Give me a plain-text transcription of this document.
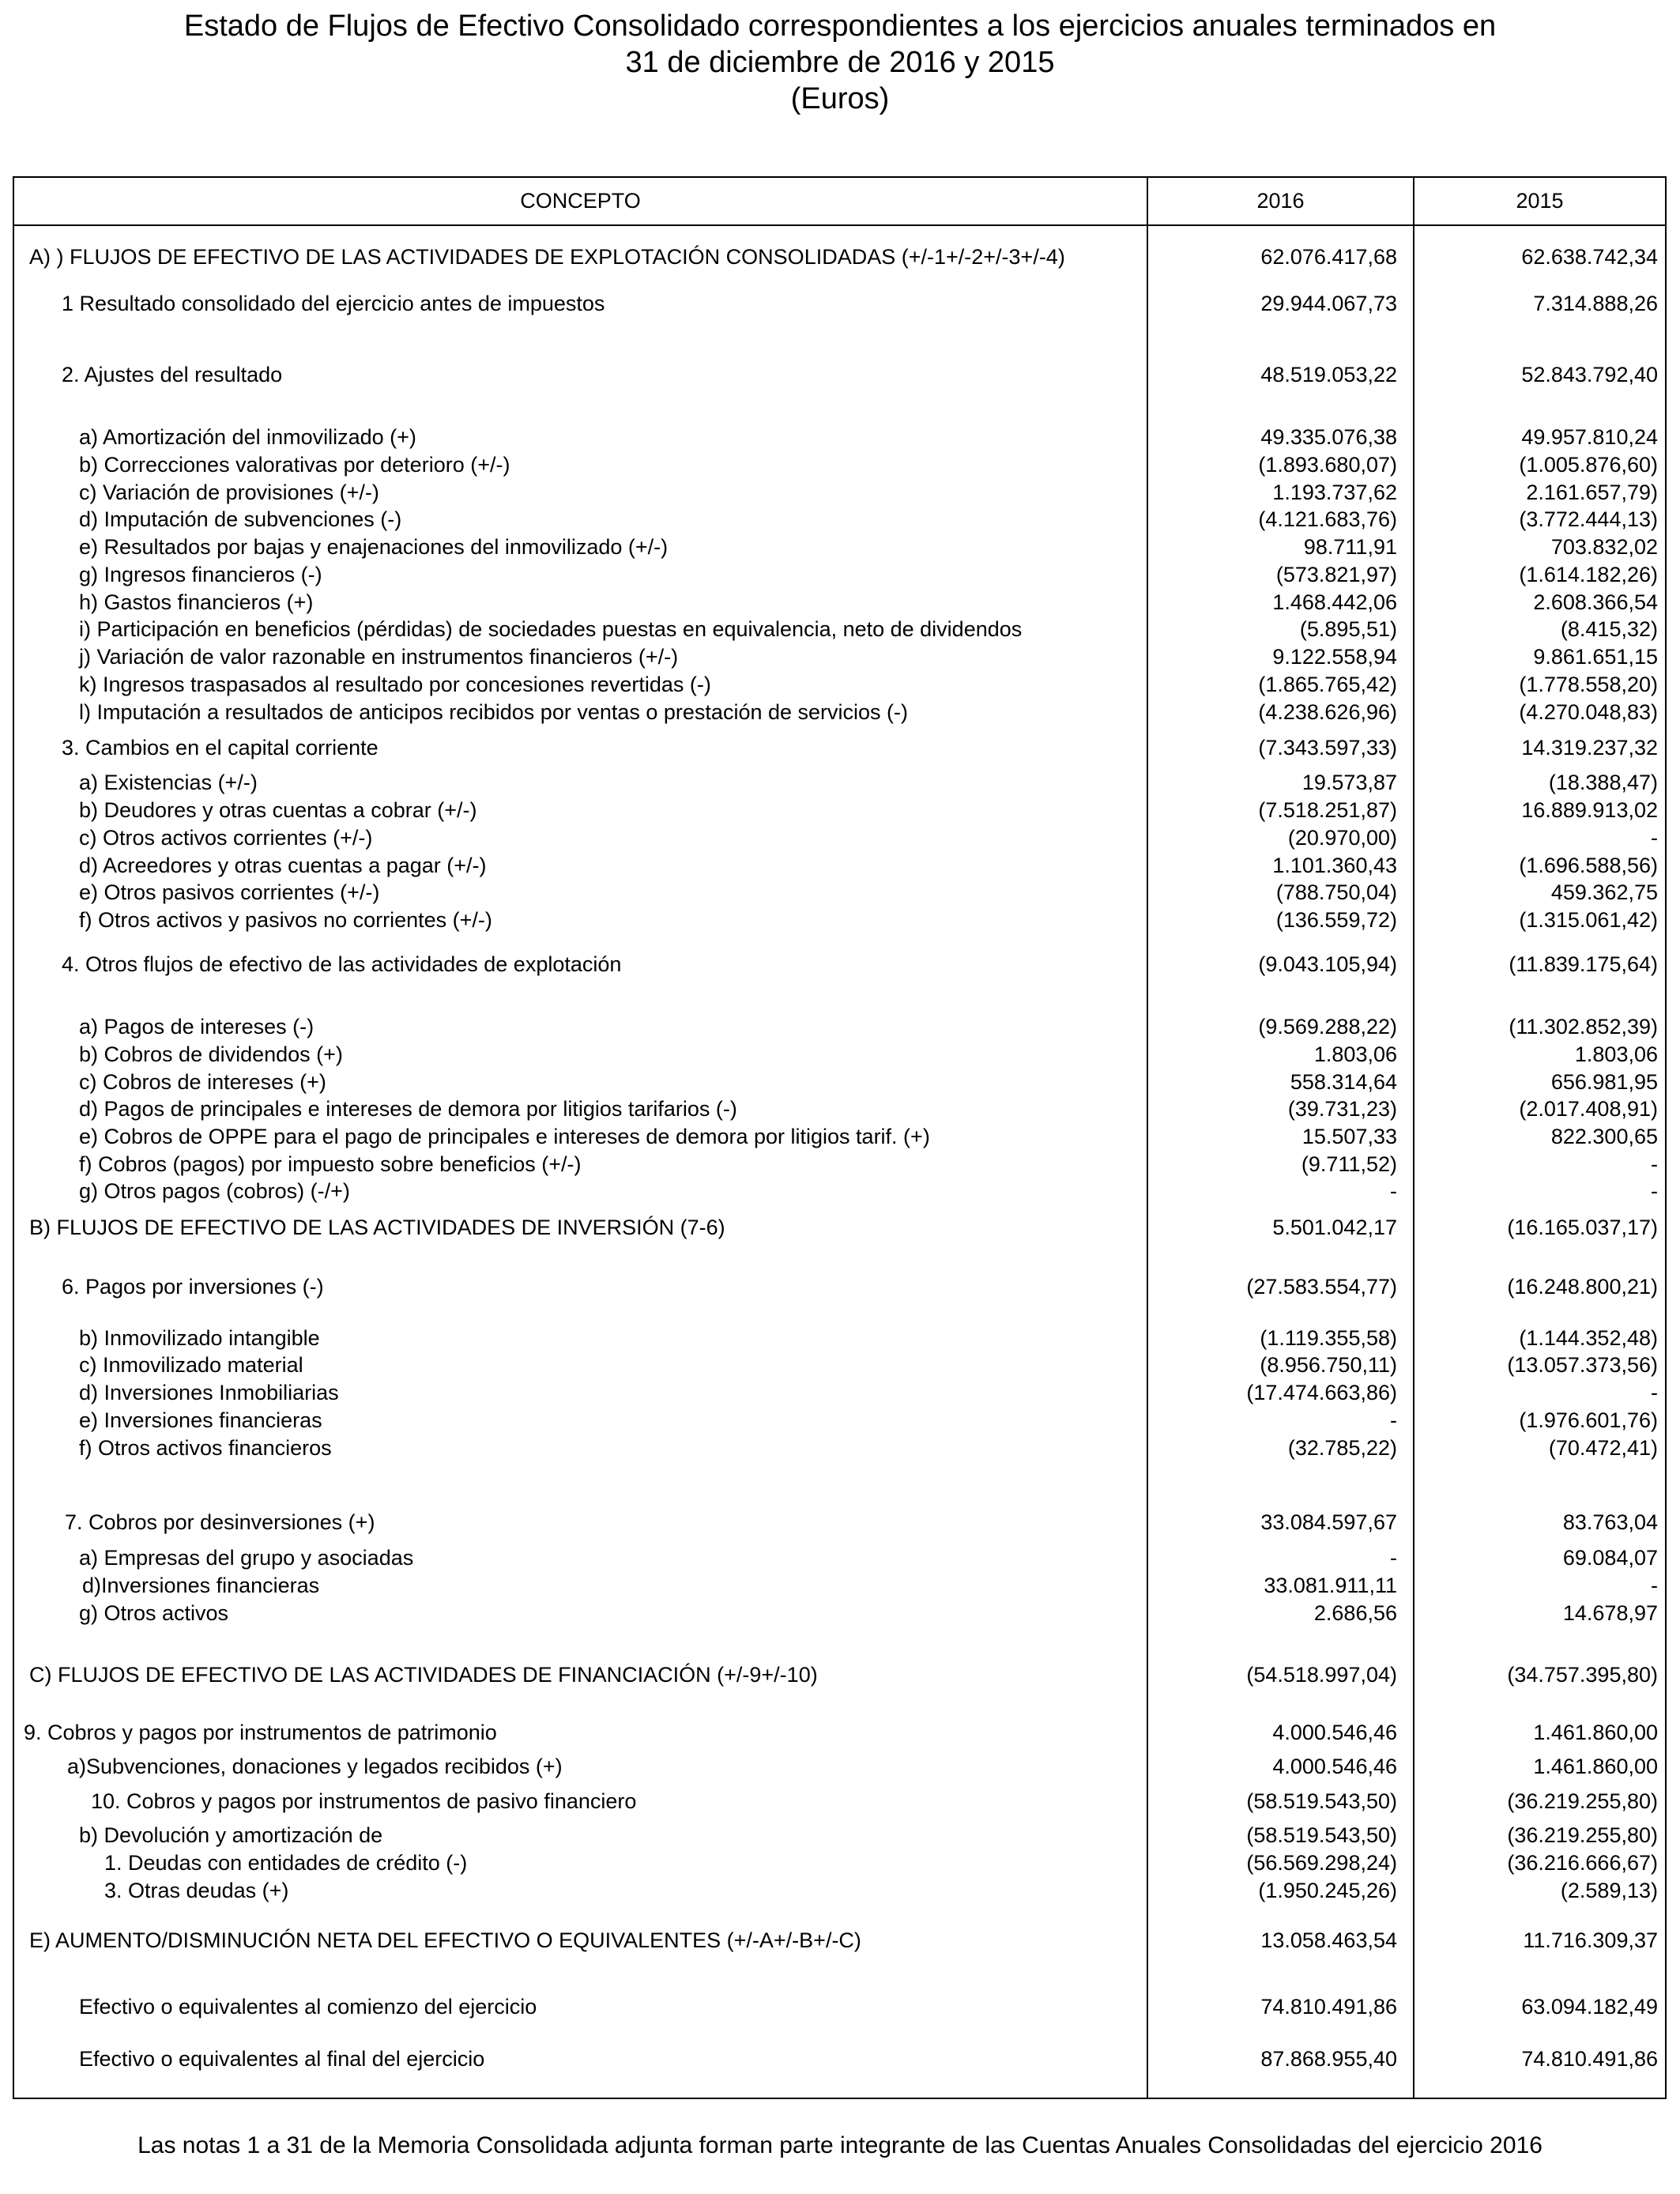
Estado de Flujos de Efectivo Consolidado correspondientes a los ejercicios anuales terminados en
31 de diciembre de 2016 y 2015
(Euros)
CONCEPTO	2016	2015
A) ) FLUJOS DE EFECTIVO DE LAS ACTIVIDADES DE EXPLOTACIÓN CONSOLIDADAS (+/-1+/-2+/-3+/-4)	62.076.417,68	62.638.742,34
1 Resultado consolidado del ejercicio antes de impuestos	29.944.067,73	7.314.888,26
2. Ajustes del resultado	48.519.053,22	52.843.792,40
a) Amortización del inmovilizado (+)	49.335.076,38	49.957.810,24
b) Correcciones valorativas por deterioro (+/-)	(1.893.680,07)	(1.005.876,60)
c) Variación de provisiones (+/-)	1.193.737,62	2.161.657,79)
d) Imputación de subvenciones (-)	(4.121.683,76)	(3.772.444,13)
e) Resultados por bajas y enajenaciones del inmovilizado (+/-)	98.711,91	703.832,02
g) Ingresos financieros (-)	(573.821,97)	(1.614.182,26)
h) Gastos financieros (+)	1.468.442,06	2.608.366,54
i) Participación en beneficios (pérdidas) de sociedades puestas en equivalencia, neto de dividendos	(5.895,51)	(8.415,32)
j) Variación de valor razonable en instrumentos financieros (+/-)	9.122.558,94	9.861.651,15
k) Ingresos traspasados al resultado por concesiones revertidas (-)	(1.865.765,42)	(1.778.558,20)
l) Imputación a resultados de anticipos recibidos por ventas o prestación de servicios (-)	(4.238.626,96)	(4.270.048,83)
3. Cambios en el capital corriente	(7.343.597,33)	14.319.237,32
a) Existencias (+/-)	19.573,87	(18.388,47)
b) Deudores y otras cuentas a cobrar (+/-)	(7.518.251,87)	16.889.913,02
c) Otros activos corrientes (+/-)	(20.970,00)	-
d) Acreedores y otras cuentas a pagar (+/-)	1.101.360,43	(1.696.588,56)
e) Otros pasivos corrientes (+/-)	(788.750,04)	459.362,75
f) Otros activos y pasivos no corrientes (+/-)	(136.559,72)	(1.315.061,42)
4. Otros flujos de efectivo de las actividades de explotación	(9.043.105,94)	(11.839.175,64)
a) Pagos de intereses (-)	(9.569.288,22)	(11.302.852,39)
b) Cobros de dividendos (+)	1.803,06	1.803,06
c) Cobros de intereses (+)	558.314,64	656.981,95
d) Pagos de principales e intereses de demora por litigios tarifarios (-)	(39.731,23)	(2.017.408,91)
e) Cobros de OPPE para el pago de principales e intereses de demora por litigios tarif. (+)	15.507,33	822.300,65
f) Cobros (pagos) por impuesto sobre beneficios (+/-)	(9.711,52)	-
g) Otros pagos (cobros) (-/+)	-	-
B) FLUJOS DE EFECTIVO DE LAS ACTIVIDADES DE INVERSIÓN (7-6)	5.501.042,17	(16.165.037,17)
6. Pagos por inversiones (-)	(27.583.554,77)	(16.248.800,21)
b) Inmovilizado intangible	(1.119.355,58)	(1.144.352,48)
c) Inmovilizado material	(8.956.750,11)	(13.057.373,56)
d) Inversiones Inmobiliarias	(17.474.663,86)	-
e) Inversiones financieras	-	(1.976.601,76)
f) Otros activos financieros	(32.785,22)	(70.472,41)
7. Cobros por desinversiones (+)	33.084.597,67	83.763,04
a) Empresas del grupo y asociadas	-	69.084,07
d)Inversiones financieras	33.081.911,11	-
g) Otros activos	2.686,56	14.678,97
C) FLUJOS DE EFECTIVO DE LAS ACTIVIDADES DE FINANCIACIÓN (+/-9+/-10)	(54.518.997,04)	(34.757.395,80)
9. Cobros y pagos por instrumentos de patrimonio	4.000.546,46	1.461.860,00
a)Subvenciones, donaciones y legados recibidos (+)	4.000.546,46	1.461.860,00
10. Cobros y pagos por instrumentos de pasivo financiero	(58.519.543,50)	(36.219.255,80)
b) Devolución y amortización de	(58.519.543,50)	(36.219.255,80)
1. Deudas con entidades de crédito (-)	(56.569.298,24)	(36.216.666,67)
3. Otras deudas (+)	(1.950.245,26)	(2.589,13)
E) AUMENTO/DISMINUCIÓN NETA DEL EFECTIVO O EQUIVALENTES (+/-A+/-B+/-C)	13.058.463,54	11.716.309,37
Efectivo o equivalentes al comienzo del ejercicio	74.810.491,86	63.094.182,49
Efectivo o equivalentes al final del ejercicio	87.868.955,40	74.810.491,86
Las notas 1 a 31 de la Memoria Consolidada adjunta forman parte integrante de las Cuentas Anuales Consolidadas del ejercicio 2016
